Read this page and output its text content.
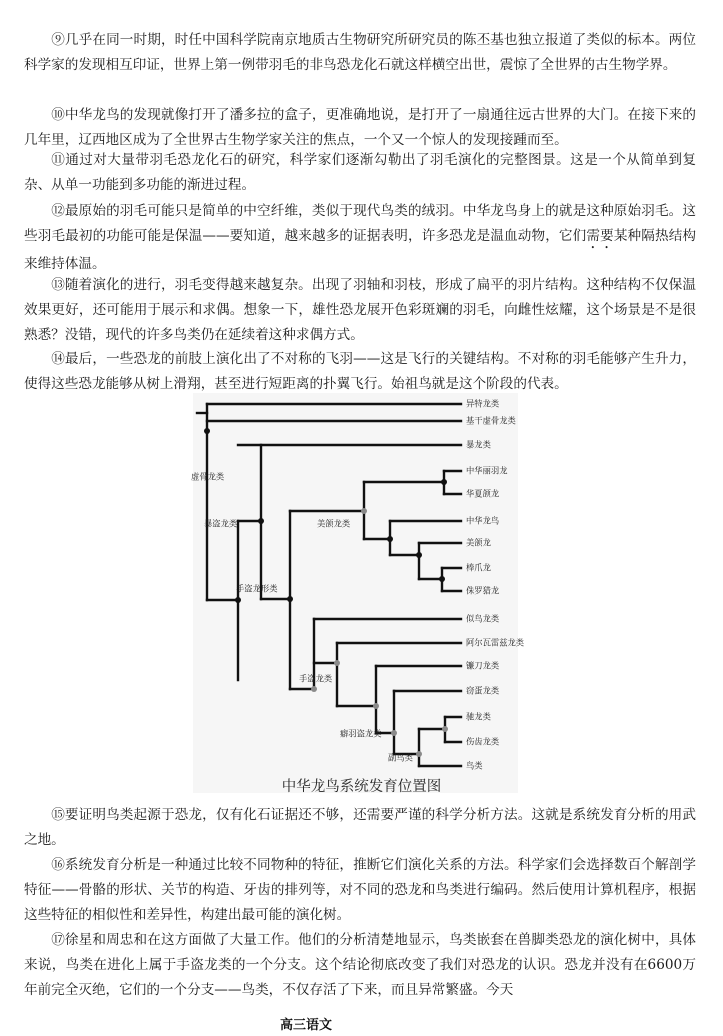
⑨几乎在同一时期，时任中国科学院南京地质古生物研究所研究员的陈丕基也独立报道了类似的标本。两位科学家的发现相互印证，世界上第一例带羽毛的非鸟恐龙化石就这样横空出世，震惊了全世界的古生物学界。

⑩中华龙鸟的发现就像打开了潘多拉的盒子，更准确地说，是打开了一扇通往远古世界的大门。在接下来的几年里，辽西地区成为了全世界古生物学家关注的焦点，一个又一个惊人的发现接踵而至。

⑪通过对大量带羽毛恐龙化石的研究，科学家们逐渐勾勒出了羽毛演化的完整图景。这是一个从简单到复杂、从单一功能到多功能的渐进过程。

⑫最原始的羽毛可能只是简单的中空纤维，类似于现代鸟类的绒羽。中华龙鸟身上的就是这种原始羽毛。这些羽毛最初的功能可能是保温——要知道，越来越多的证据表明，许多恐龙是温血动物，它们需要某种隔热结构来维持体温。

⑬随着演化的进行，羽毛变得越来越复杂。出现了羽轴和羽枝，形成了扁平的羽片结构。这种结构不仅保温效果更好，还可能用于展示和求偶。想象一下，雄性恐龙展开色彩斑斓的羽毛，向雌性炫耀，这个场景是不是很熟悉？没错，现代的许多鸟类仍在延续着这种求偶方式。

⑭最后，一些恐龙的前肢上演化出了不对称的飞羽——这是飞行的关键结构。不对称的羽毛能够产生升力，使得这些恐龙能够从树上滑翔，甚至进行短距离的扑翼飞行。始祖鸟就是这个阶段的代表。

异特龙类
基干虚骨龙类
暴龙类
中华丽羽龙
华夏颌龙
中华龙鸟
美颌龙
棒爪龙
侏罗猎龙
似鸟龙类
阿尔瓦雷兹龙类
镰刀龙类
窃蛋龙类
驰龙类
伤齿龙类
鸟类
虚骨龙类
暴盗龙类	美颌龙类
手盗龙形类
手盗龙类
癖羽盗龙类
副鸟类
中华龙鸟系统发育位置图

⑮要证明鸟类起源于恐龙，仅有化石证据还不够，还需要严谨的科学分析方法。这就是系统发育分析的用武之地。

⑯系统发育分析是一种通过比较不同物种的特征，推断它们演化关系的方法。科学家们会选择数百个解剖学特征——骨骼的形状、关节的构造、牙齿的排列等，对不同的恐龙和鸟类进行编码。然后使用计算机程序，根据这些特征的相似性和差异性，构建出最可能的演化树。

⑰徐星和周忠和在这方面做了大量工作。他们的分析清楚地显示，鸟类嵌套在兽脚类恐龙的演化树中，具体来说，鸟类在进化上属于手盗龙类的一个分支。这个结论彻底改变了我们对恐龙的认识。恐龙并没有在6600万年前完全灭绝，它们的一个分支——鸟类，不仅存活了下来，而且异常繁盛。今天

高三语文
